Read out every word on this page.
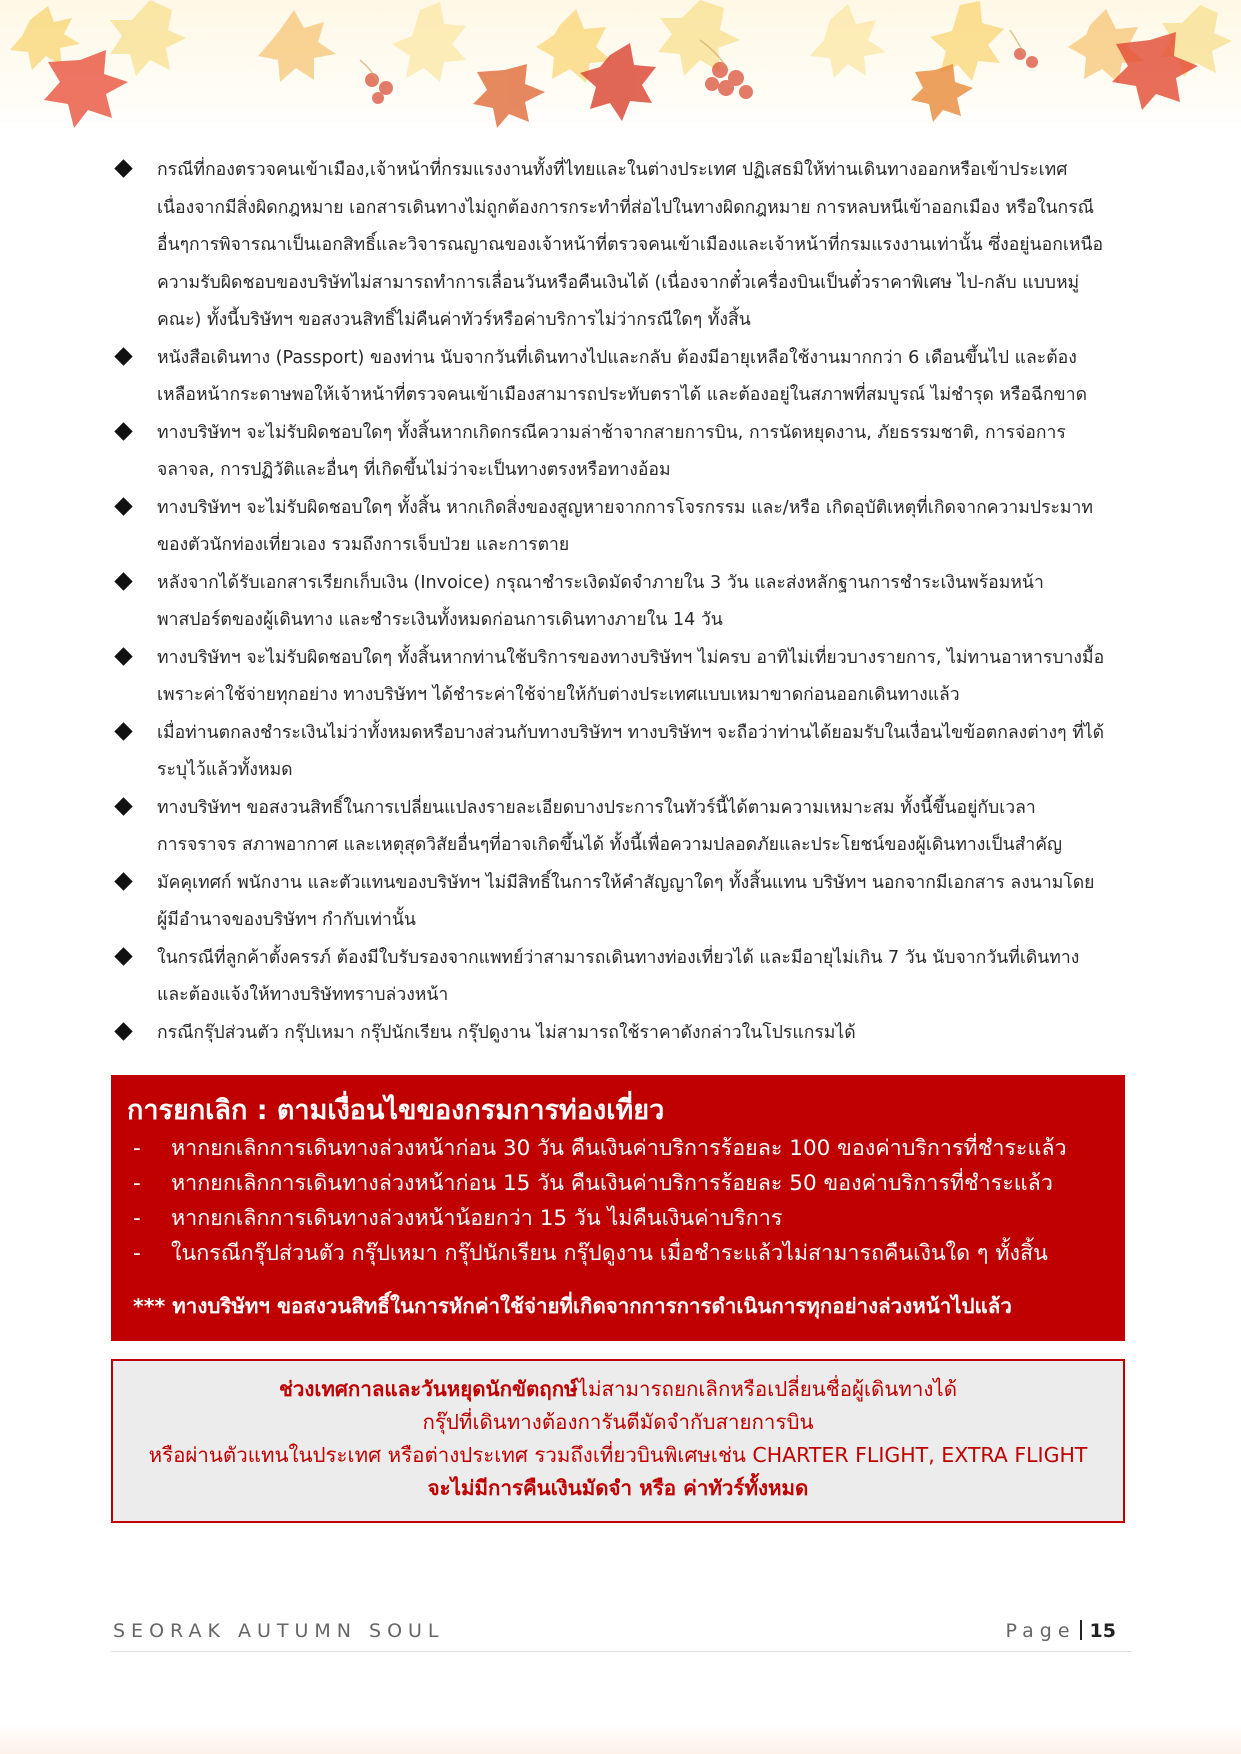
กรณีที่กองตรวจคนเข้าเมือง,เจ้าหน้าที่กรมแรงงานทั้งที่ไทยและในต่างประเทศ ปฏิเสธมิให้ท่านเดินทางออกหรือเข้าประเทศ
เนื่องจากมีสิ่งผิดกฎหมาย เอกสารเดินทางไม่ถูกต้องการกระทำที่ส่อไปในทางผิดกฎหมาย การหลบหนีเข้าออกเมือง หรือในกรณี
อื่นๆการพิจารณาเป็นเอกสิทธิ์และวิจารณญาณของเจ้าหน้าที่ตรวจคนเข้าเมืองและเจ้าหน้าที่กรมแรงงานเท่านั้น ซึ่งอยู่นอกเหนือ
ความรับผิดชอบของบริษัทไม่สามารถทำการเลื่อนวันหรือคืนเงินได้ (เนื่องจากตั๋วเครื่องบินเป็นตั๋วราคาพิเศษ ไป-กลับ แบบหมู่
คณะ) ทั้งนี้บริษัทฯ ขอสงวนสิทธิ์ไม่คืนค่าทัวร์หรือค่าบริการไม่ว่ากรณีใดๆ ทั้งสิ้น
หนังสือเดินทาง (Passport) ของท่าน นับจากวันที่เดินทางไปและกลับ ต้องมีอายุเหลือใช้งานมากกว่า 6 เดือนขึ้นไป และต้อง
เหลือหน้ากระดาษพอให้เจ้าหน้าที่ตรวจคนเข้าเมืองสามารถประทับตราได้ และต้องอยู่ในสภาพที่สมบูรณ์ ไม่ชำรุด หรือฉีกขาด
ทางบริษัทฯ จะไม่รับผิดชอบใดๆ ทั้งสิ้นหากเกิดกรณีความล่าช้าจากสายการบิน, การนัดหยุดงาน, ภัยธรรมชาติ, การจ่อการ
จลาจล, การปฏิวัติและอื่นๆ ที่เกิดขึ้นไม่ว่าจะเป็นทางตรงหรือทางอ้อม
ทางบริษัทฯ จะไม่รับผิดชอบใดๆ ทั้งสิ้น หากเกิดสิ่งของสูญหายจากการโจรกรรม และ/หรือ เกิดอุบัติเหตุที่เกิดจากความประมาท
ของตัวนักท่องเที่ยวเอง รวมถึงการเจ็บป่วย และการตาย
หลังจากได้รับเอกสารเรียกเก็บเงิน (Invoice) กรุณาชำระเงิดมัดจำภายใน 3 วัน และส่งหลักฐานการชำระเงินพร้อมหน้า
พาสปอร์ตของผู้เดินทาง และชำระเงินทั้งหมดก่อนการเดินทางภายใน 14 วัน
ทางบริษัทฯ จะไม่รับผิดชอบใดๆ ทั้งสิ้นหากท่านใช้บริการของทางบริษัทฯ ไม่ครบ อาทิไม่เที่ยวบางรายการ, ไม่ทานอาหารบางมื้อ
เพราะค่าใช้จ่ายทุกอย่าง ทางบริษัทฯ ได้ชำระค่าใช้จ่ายให้กับต่างประเทศแบบเหมาขาดก่อนออกเดินทางแล้ว
เมื่อท่านตกลงชำระเงินไม่ว่าทั้งหมดหรือบางส่วนกับทางบริษัทฯ ทางบริษัทฯ จะถือว่าท่านได้ยอมรับในเงื่อนไขข้อตกลงต่างๆ ที่ได้
ระบุไว้แล้วทั้งหมด
ทางบริษัทฯ ขอสงวนสิทธิ์ในการเปลี่ยนแปลงรายละเอียดบางประการในทัวร์นี้ได้ตามความเหมาะสม ทั้งนี้ขึ้นอยู่กับเวลา
การจราจร สภาพอากาศ และเหตุสุดวิสัยอื่นๆที่อาจเกิดขึ้นได้ ทั้งนี้เพื่อความปลอดภัยและประโยชน์ของผู้เดินทางเป็นสำคัญ
มัคคุเทศก์ พนักงาน และตัวแทนของบริษัทฯ ไม่มีสิทธิ์ในการให้คำสัญญาใดๆ ทั้งสิ้นแทน บริษัทฯ นอกจากมีเอกสาร ลงนามโดย
ผู้มีอำนาจของบริษัทฯ กำกับเท่านั้น
ในกรณีที่ลูกค้าตั้งครรภ์ ต้องมีใบรับรองจากแพทย์ว่าสามารถเดินทางท่องเที่ยวได้ และมีอายุไม่เกิน 7 วัน นับจากวันที่เดินทาง
และต้องแจ้งให้ทางบริษัททราบล่วงหน้า
กรณีกรุ๊ปส่วนตัว กรุ๊ปเหมา กรุ๊ปนักเรียน กรุ๊ปดูงาน ไม่สามารถใช้ราคาดังกล่าวในโปรแกรมได้
การยกเลิก : ตามเงื่อนไขของกรมการท่องเที่ยว
- หากยกเลิกการเดินทางล่วงหน้าก่อน 30 วัน คืนเงินค่าบริการร้อยละ 100 ของค่าบริการที่ชำระแล้ว
- หากยกเลิกการเดินทางล่วงหน้าก่อน 15 วัน คืนเงินค่าบริการร้อยละ 50 ของค่าบริการที่ชำระแล้ว
- หากยกเลิกการเดินทางล่วงหน้าน้อยกว่า 15 วัน ไม่คืนเงินค่าบริการ
- ในกรณีกรุ๊ปส่วนตัว กรุ๊ปเหมา กรุ๊ปนักเรียน กรุ๊ปดูงาน เมื่อชำระแล้วไม่สามารถคืนเงินใด ๆ ทั้งสิ้น
*** ทางบริษัทฯ ขอสงวนสิทธิ์ในการหักค่าใช้จ่ายที่เกิดจากการการดำเนินการทุกอย่างล่วงหน้าไปแล้ว
ช่วงเทศกาลและวันหยุดนักขัตฤกษ์ไม่สามารถยกเลิกหรือเปลี่ยนชื่อผู้เดินทางได้
กรุ๊ปที่เดินทางต้องการันตีมัดจำกับสายการบิน
หรือผ่านตัวแทนในประเทศ หรือต่างประเทศ รวมถึงเที่ยวบินพิเศษเช่น CHARTER FLIGHT, EXTRA FLIGHT
จะไม่มีการคืนเงินมัดจำ หรือ ค่าทัวร์ทั้งหมด
SEORAK AUTUMN SOUL	Page 15
